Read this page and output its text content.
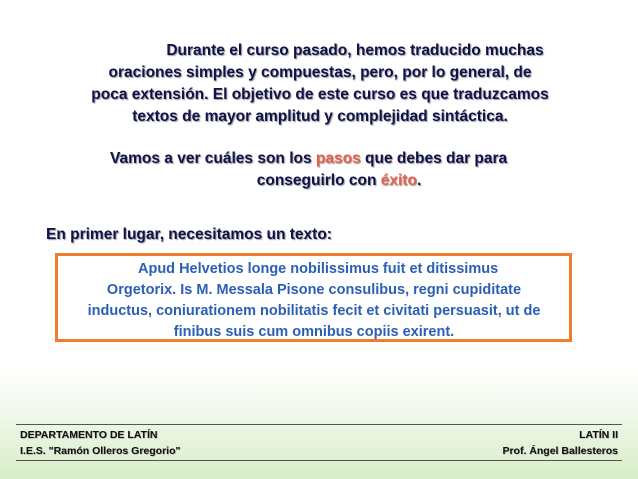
Durante el curso pasado, hemos traducido muchas
oraciones simples y compuestas, pero, por lo general, de
poca extensión. El objetivo de este curso es que traduzcamos
textos de mayor amplitud y complejidad sintáctica.
Vamos a ver cuáles son los pasos que debes dar para
conseguirlo con éxito.
En primer lugar, necesitamos un texto:
Apud Helvetios longe nobilissimus fuit et ditissimus
Orgetorix. Is M. Messala Pisone consulibus, regni cupiditate
inductus, coniurationem nobilitatis fecit et civitati persuasit, ut de
finibus suis cum omnibus copiis exirent.
DEPARTAMENTO DE LATÍN
I.E.S. "Ramón Olleros Gregorio"
LATÍN II
Prof. Ángel Ballesteros
